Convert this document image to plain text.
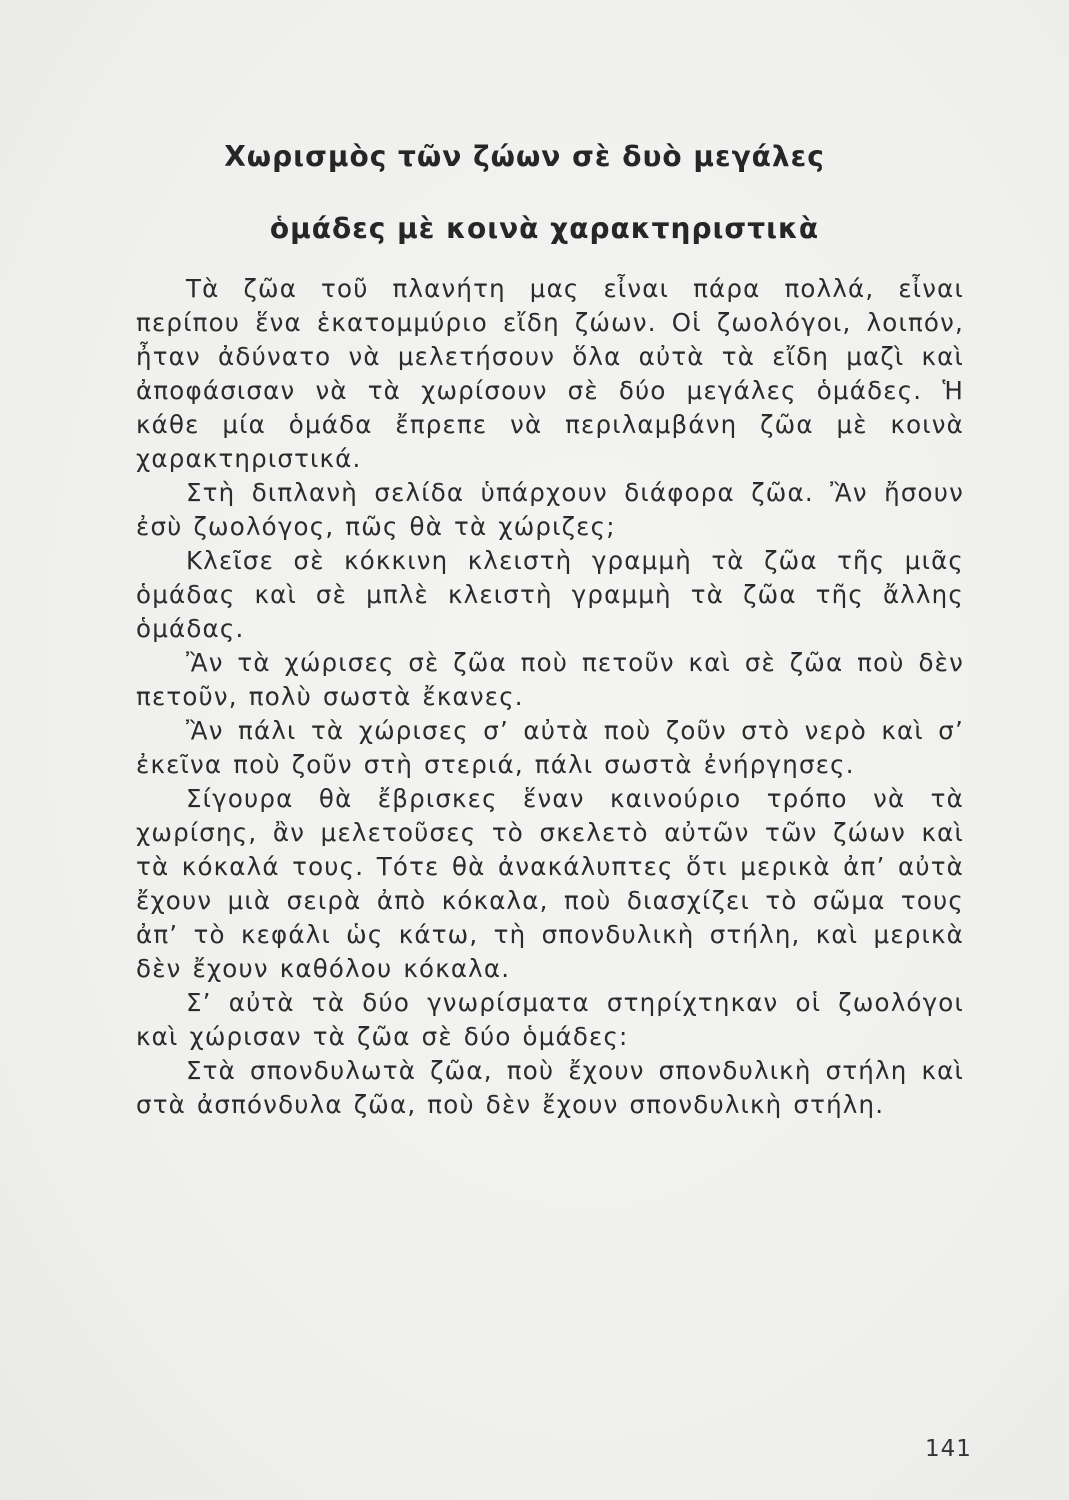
Χωρισμὸς τῶν ζώων σὲ δυὸ μεγάλες
ὁμάδες μὲ κοινὰ χαρακτηριστικὰ

Τὰ ζῶα τοῦ πλανήτη μας εἶναι πάρα πολλά, εἶναι περίπου ἕνα ἑκατομμύριο εἴδη ζώων. Οἱ ζωολόγοι, λοιπόν, ἦταν ἀδύνατο νὰ μελετήσουν ὅλα αὐτὰ τὰ εἴδη μαζὶ καὶ ἀποφάσισαν νὰ τὰ χωρίσουν σὲ δύο μεγάλες ὁμάδες. Ἡ κάθε μία ὁμάδα ἔπρεπε νὰ περιλαμβάνη ζῶα μὲ κοινὰ χαρακτηριστικά.

Στὴ διπλανὴ σελίδα ὑπάρχουν διάφορα ζῶα. Ἂν ἤσουν ἐσὺ ζωολόγος, πῶς θὰ τὰ χώριζες;

Κλεῖσε σὲ κόκκινη κλειστὴ γραμμὴ τὰ ζῶα τῆς μιᾶς ὁμάδας καὶ σὲ μπλὲ κλειστὴ γραμμὴ τὰ ζῶα τῆς ἄλλης ὁμάδας.

Ἂν τὰ χώρισες σὲ ζῶα ποὺ πετοῦν καὶ σὲ ζῶα ποὺ δὲν πετοῦν, πολὺ σωστὰ ἔκανες.

Ἂν πάλι τὰ χώρισες σ’ αὐτὰ ποὺ ζοῦν στὸ νερὸ καὶ σ’ ἐκεῖνα ποὺ ζοῦν στὴ στεριά, πάλι σωστὰ ἐνήργησες.

Σίγουρα θὰ ἔβρισκες ἕναν καινούριο τρόπο νὰ τὰ χωρίσης, ἂν μελετοῦσες τὸ σκελετὸ αὐτῶν τῶν ζώων καὶ τὰ κόκαλά τους. Τότε θὰ ἀνακάλυπτες ὅτι μερικὰ ἀπ’ αὐτὰ ἔχουν μιὰ σειρὰ ἀπὸ κόκαλα, ποὺ διασχίζει τὸ σῶμα τους ἀπ’ τὸ κεφάλι ὡς κάτω, τὴ σπονδυλικὴ στήλη, καὶ μερικὰ δὲν ἔχουν καθόλου κόκαλα.

Σ’ αὐτὰ τὰ δύο γνωρίσματα στηρίχτηκαν οἱ ζωολόγοι καὶ χώρισαν τὰ ζῶα σὲ δύο ὁμάδες:

Στὰ σπονδυλωτὰ ζῶα, ποὺ ἔχουν σπονδυλικὴ στήλη καὶ στὰ ἀσπόνδυλα ζῶα, ποὺ δὲν ἔχουν σπονδυλικὴ στήλη.

141
